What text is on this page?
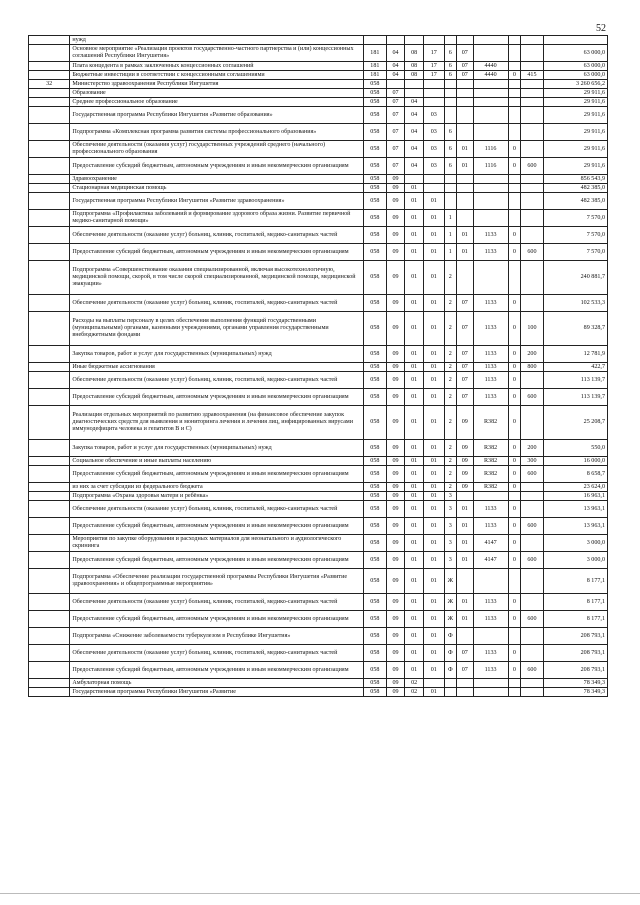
52
	нужд										
	Основное мероприятие «Реализация проектов государственно-частного партнерства и (или) концессионных соглашений Республики Ингушетия»	181	04	08	17	6	07				63 000,0
	Плата концедента в рамках заключенных концессионных соглашений	181	04	08	17	6	07	4440			63 000,0
	Бюджетные инвестиции в соответствии с концессионными соглашениями	181	04	08	17	6	07	4440	0	415	63 000,0
32	Министерство здравоохранения Республики Ингушетия	058									3 260 656,2
	Образование	058	07								29 911,6
	Среднее профессиональное образование	058	07	04							29 911,6
	Государственная программа Республики Ингушетия «Развитие образования»	058	07	04	03						29 911,6
	Подпрограмма «Комплексная программа развития системы профессионального образования»	058	07	04	03	6					29 911,6
	Обеспечение деятельности (оказания услуг) государственных учреждений среднего (начального) профессионального образования	058	07	04	03	6	01	1116	0		29 911,6
	Предоставление субсидий бюджетным, автономным учреждениям и иным некоммерческим организациям	058	07	04	03	6	01	1116	0	600	29 911,6
	Здравоохранение	058	09								856 543,9
	Стационарная медицинская помощь	058	09	01							482 385,0
	Государственная программа Республики Ингушетия «Развитие здравоохранения»	058	09	01	01						482 385,0
	Подпрограмма «Профилактика заболеваний и формирование здорового образа жизни. Развитие первичной медико-санитарной помощи»	058	09	01	01	1					7 570,0
	Обеспечение деятельности (оказание услуг) больниц, клиник, госпиталей, медико-санитарных частей	058	09	01	01	1	01	1133	0		7 570,0
	Предоставление субсидий бюджетным, автономным учреждениям и иным некоммерческим организациям	058	09	01	01	1	01	1133	0	600	7 570,0
	Подпрограмма «Совершенствование оказания специализированной, включая высокотехнологичную, медицинской помощи, скорой, в том числе скорой специализированной, медицинской помощи, медицинской эвакуации»	058	09	01	01	2					240 881,7
	Обеспечение деятельности (оказание услуг) больниц, клиник, госпиталей, медико-санитарных частей	058	09	01	01	2	07	1133	0		102 533,3
	Расходы на выплаты персоналу в целях обеспечения выполнения функций государственными (муниципальными) органами, казенными учреждениями, органами управления государственными внебюджетными фондами	058	09	01	01	2	07	1133	0	100	89 328,7
	Закупка товаров, работ и услуг для государственных (муниципальных) нужд	058	09	01	01	2	07	1133	0	200	12 781,9
	Иные бюджетные ассигнования	058	09	01	01	2	07	1133	0	800	422,7
	Обеспечение деятельности (оказание услуг) больниц, клиник, госпиталей, медико-санитарных частей	058	09	01	01	2	07	1133	0		113 139,7
	Предоставление субсидий бюджетным, автономным учреждениям и иным некоммерческим организациям	058	09	01	01	2	07	1133	0	600	113 139,7
	Реализация отдельных мероприятий по развитию здравоохранения (на финансовое обеспечение закупок диагностических средств для выявления и мониторинга лечения и лечения лиц, инфицированных вирусами иммунодефицита человека и гепатитов В и С)	058	09	01	01	2	09	R382	0		25 208,7
	Закупка товаров, работ и услуг для государственных (муниципальных) нужд	058	09	01	01	2	09	R382	0	200	550,0
	Социальное обеспечение и иные выплаты населению	058	09	01	01	2	09	R382	0	300	16 000,0
	Предоставление субсидий бюджетным, автономным учреждениям и иным некоммерческим организациям	058	09	01	01	2	09	R382	0	600	8 658,7
	из них за счет субсидии из федерального бюджета	058	09	01	01	2	09	R382	0		23 624,0
	Подпрограмма «Охрана здоровья матери и ребёнка»	058	09	01	01	3					16 963,1
	Обеспечение деятельности (оказание услуг) больниц, клиник, госпиталей, медико-санитарных частей	058	09	01	01	3	01	1133	0		13 963,1
	Предоставление субсидий бюджетным, автономным учреждениям и иным некоммерческим организациям	058	09	01	01	3	01	1133	0	600	13 963,1
	Мероприятия по закупке оборудования и расходных материалов для неонатального и аудиологического скрининга	058	09	01	01	3	01	4147	0		3 000,0
	Предоставление субсидий бюджетным, автономным учреждениям и иным некоммерческим организациям	058	09	01	01	3	01	4147	0	600	3 000,0
	Подпрограмма «Обеспечение реализации государственной программы Республики Ингушетия «Развитие здравоохранения» и общепрограммные мероприятия»	058	09	01	01	Ж					8 177,1
	Обеспечение деятельности (оказание услуг) больниц, клиник, госпиталей, медико-санитарных частей	058	09	01	01	Ж	01	1133	0		8 177,1
	Предоставление субсидий бюджетным, автономным учреждениям и иным некоммерческим организациям	058	09	01	01	Ж	01	1133	0	600	8 177,1
	Подпрограмма «Снижение заболеваемости туберкулезом в Республике Ингушетия»	058	09	01	01	Ф					208 793,1
	Обеспечение деятельности (оказание услуг) больниц, клиник, госпиталей, медико-санитарных частей	058	09	01	01	Ф	07	1133	0		208 793,1
	Предоставление субсидий бюджетным, автономным учреждениям и иным некоммерческим организациям	058	09	01	01	Ф	07	1133	0	600	208 793,1
	Амбулаторная помощь	058	09	02							78 349,3
	Государственная программа Республики Ингушетия «Развитие	058	09	02	01						78 349,3
